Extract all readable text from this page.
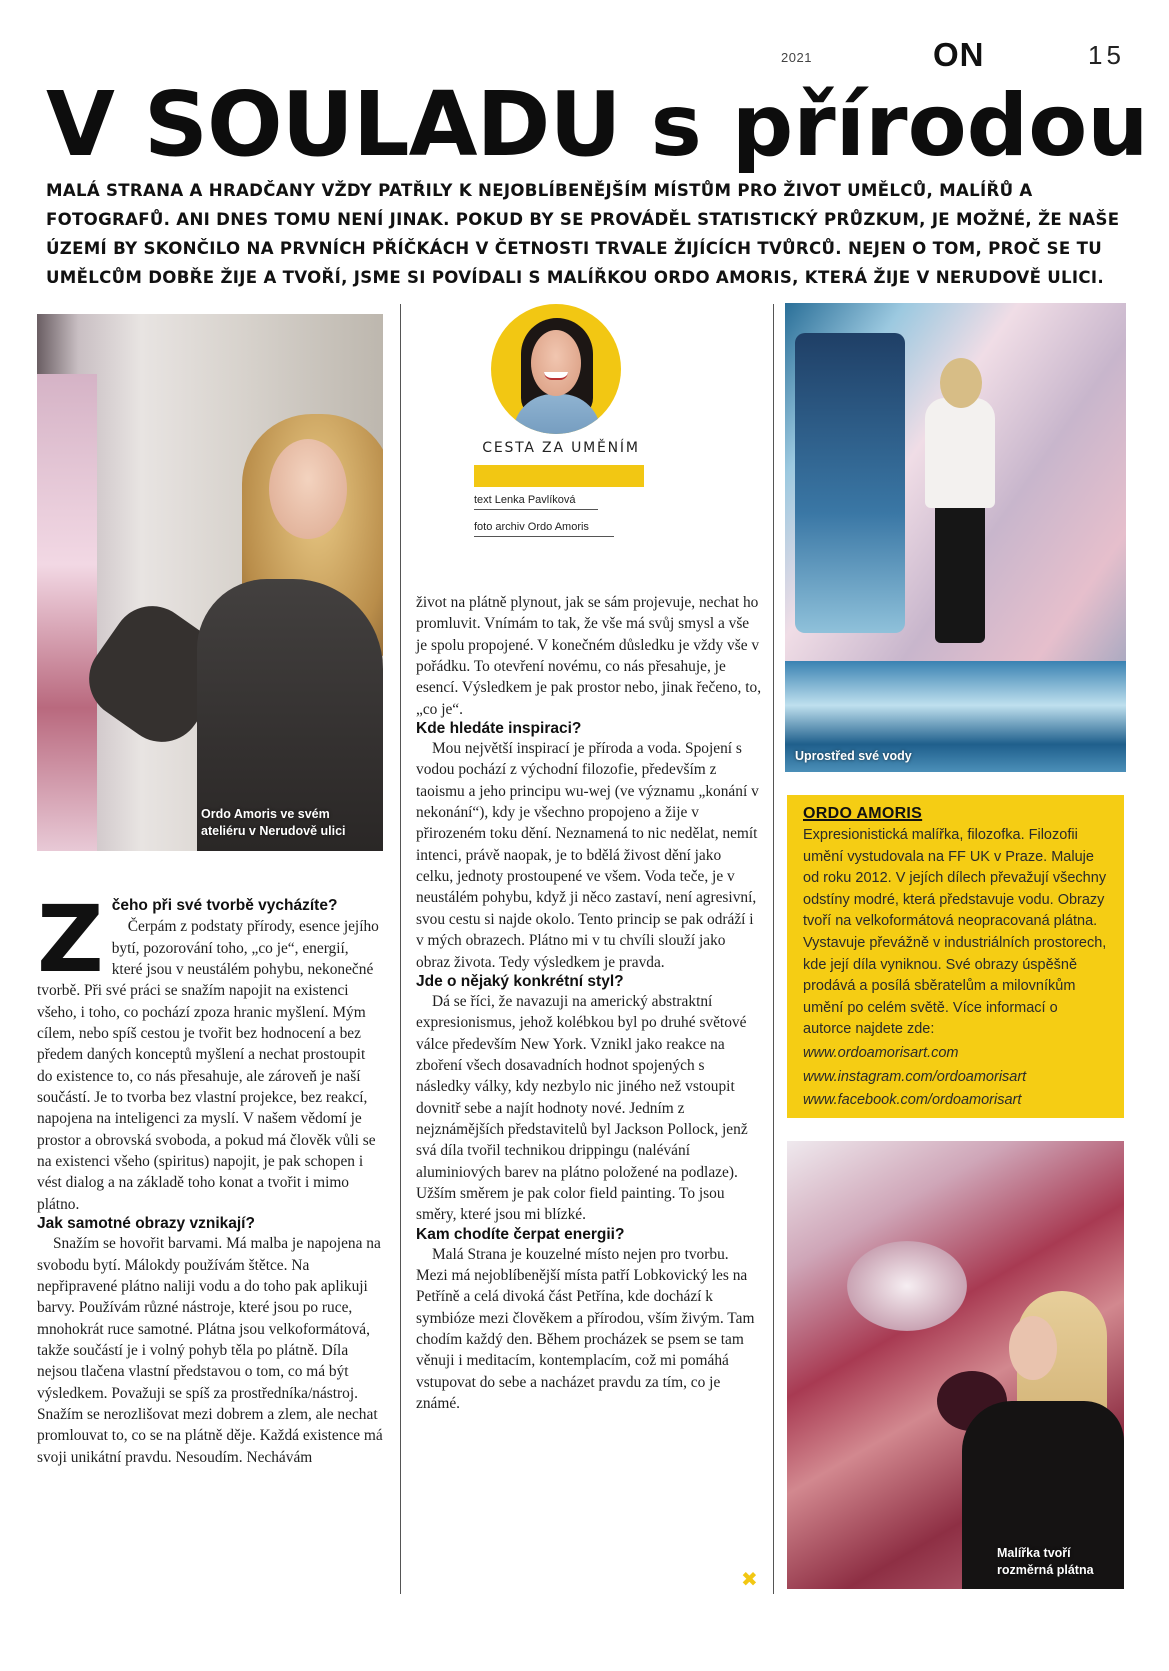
2021	ON	15
V SOULADU s přírodou
MALÁ STRANA A HRADČANY VŽDY PATŘILY K NEJOBLÍBENĚJŠÍM MÍSTŮM PRO ŽIVOT UMĚLCŮ, MALÍŘŮ A FOTOGRAFŮ. ANI DNES TOMU NENÍ JINAK. POKUD BY SE PROVÁDĚL STATISTICKÝ PRŮZKUM, JE MOŽNÉ, ŽE NAŠE ÚZEMÍ BY SKONČILO NA PRVNÍCH PŘÍČKÁCH V ČETNOSTI TRVALE ŽIJÍCÍCH TVŮRCŮ. NEJEN O TOM, PROČ SE TU UMĚLCŮM DOBŘE ŽIJE A TVOŘÍ, JSME SI POVÍDALI S MALÍŘKOU ORDO AMORIS, KTERÁ ŽIJE V NERUDOVĚ ULICI.
Ordo Amoris ve svém
ateliéru v Nerudově ulici
CESTA ZA UMĚNÍM
text Lenka Pavlíková
foto archiv Ordo Amoris
Uprostřed své vody
ORDO AMORIS
Expresionistická malířka, filozofka. Filozofii umění vystudovala na FF UK v Praze. Maluje od roku 2012. V jejích dílech převažují všechny odstíny modré, která představuje vodu. Obrazy tvoří na velkoformátová neopracovaná plátna. Vystavuje převážně v industriálních prostorech, kde její díla vyniknou. Své obrazy úspěšně prodává a posílá sběratelům a milovníkům umění po celém světě. Více informací o autorce najdete zde:
www.ordoamorisart.com
www.instagram.com/ordoamorisart
www.facebook.com/ordoamorisart
Malířka tvoří
rozměrná plátna
Z čeho při své tvorbě vycházíte?

Čerpám z podstaty přírody, esence jejího bytí, pozorování toho, „co je“, energií, které jsou v neustálém pohybu, nekonečné tvorbě. Při své práci se snažím napojit na existenci všeho, i toho, co pochází zpoza hranic myšlení. Mým cílem, nebo spíš cestou je tvořit bez hodnocení a bez předem daných konceptů myšlení a nechat prostoupit do existence to, co nás přesahuje, ale zároveň je naší součástí. Je to tvorba bez vlastní projekce, bez reakcí, napojena na inteligenci za myslí. V našem vědomí je prostor a obrovská svoboda, a pokud má člověk vůli se na existenci všeho (spiritus) napojit, je pak schopen i vést dialog a na základě toho konat a tvořit i mimo plátno.

Jak samotné obrazy vznikají?

Snažím se hovořit barvami. Má malba je napojena na svobodu bytí. Málokdy používám štětce. Na nepřipravené plátno naliji vodu a do toho pak aplikuji barvy. Používám různé nástroje, které jsou po ruce, mnohokrát ruce samotné. Plátna jsou velkoformátová, takže součástí je i volný pohyb těla po plátně. Díla nejsou tlačena vlastní představou o tom, co má být výsledkem. Považuji se spíš za prostředníka/nástroj. Snažím se nerozlišovat mezi dobrem a zlem, ale nechat promlouvat to, co se na plátně děje. Každá existence má svoji unikátní pravdu. Nesoudím. Nechávám

život na plátně plynout, jak se sám projevuje, nechat ho promluvit. Vnímám to tak, že vše má svůj smysl a vše je spolu propojené. V konečném důsledku je vždy vše v pořádku. To otevření novému, co nás přesahuje, je esencí. Výsledkem je pak prostor nebo, jinak řečeno, to, „co je“.

Kde hledáte inspiraci?

Mou největší inspirací je příroda a voda. Spojení s vodou pochází z východní filozofie, především z taoismu a jeho principu wu-wej (ve významu „konání v nekonání“), kdy je všechno propojeno a žije v přirozeném toku dění. Neznamená to nic nedělat, nemít intenci, právě naopak, je to bdělá živost dění jako celku, jednoty prostoupené ve všem. Voda teče, je v neustálém pohybu, když ji něco zastaví, není agresivní, svou cestu si najde okolo. Tento princip se pak odráží i v mých obrazech. Plátno mi v tu chvíli slouží jako obraz života. Tedy výsledkem je pravda.

Jde o nějaký konkrétní styl?

Dá se říci, že navazuji na americký abstraktní expresionismus, jehož kolébkou byl po druhé světové válce především New York. Vznikl jako reakce na zboření všech dosavadních hodnot spojených s následky války, kdy nezbylo nic jiného než vstoupit dovnitř sebe a najít hodnoty nové. Jedním z nejznámějších představitelů byl Jackson Pollock, jenž svá díla tvořil technikou drippingu (nalévání aluminiových barev na plátno položené na podlaze). Užším směrem je pak color field painting. To jsou směry, které jsou mi blízké.

Kam chodíte čerpat energii?

Malá Strana je kouzelné místo nejen pro tvorbu. Mezi má nejoblíbenější místa patří Lobkovický les na Petříně a celá divoká část Petřína, kde dochází k symbióze mezi člověkem a přírodou, vším živým. Tam chodím každý den. Během procházek se psem se tam věnuji i meditacím, kontemplacím, což mi pomáhá vstupovat do sebe a nacházet pravdu za tím, co je známé.

✖
